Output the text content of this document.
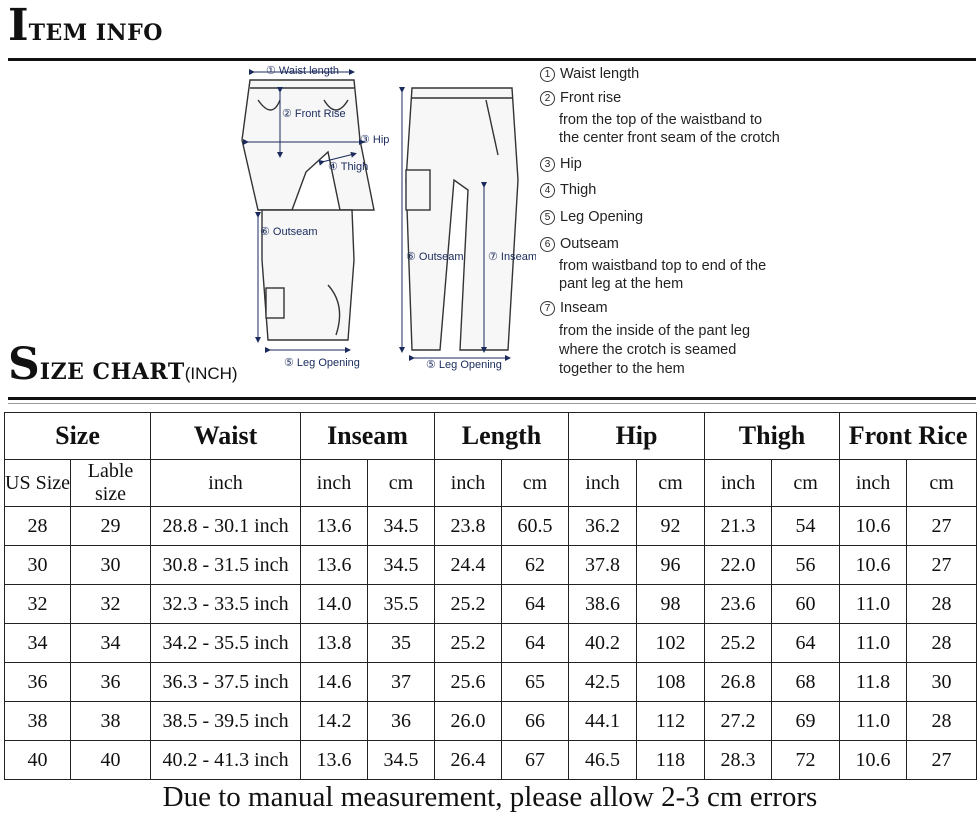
ITEM INFO
① Waist length
② Front Rise
③ Hip
④ Thigh
⑥ Outseam
⑤ Leg Opening
⑥ Outseam ⑦ Inseam
⑤ Leg Opening
1 Waist length
2 Front rise
from the top of the waistband to
the center front seam of the crotch
3 Hip
4 Thigh
5 Leg Opening
6 Outseam
from waistband top to end of the
pant leg at the hem
7 Inseam
from the inside of the pant leg
where the crotch is seamed
together to the hem
SIZE CHART(INCH)
Size		Waist	Inseam		Length		Hip		Thigh		Front Rice	
US Size	Lable size	inch	inch	cm	inch	cm	inch	cm	inch	cm	inch	cm
28	29	28.8 - 30.1 inch	13.6	34.5	23.8	60.5	36.2	92	21.3	54	10.6	27
30	30	30.8 - 31.5 inch	13.6	34.5	24.4	62	37.8	96	22.0	56	10.6	27
32	32	32.3 - 33.5 inch	14.0	35.5	25.2	64	38.6	98	23.6	60	11.0	28
34	34	34.2 - 35.5 inch	13.8	35	25.2	64	40.2	102	25.2	64	11.0	28
36	36	36.3 - 37.5 inch	14.6	37	25.6	65	42.5	108	26.8	68	11.8	30
38	38	38.5 - 39.5 inch	14.2	36	26.0	66	44.1	112	27.2	69	11.0	28
40	40	40.2 - 41.3 inch	13.6	34.5	26.4	67	46.5	118	28.3	72	10.6	27
Due to manual measurement, please allow 2-3 cm errors
